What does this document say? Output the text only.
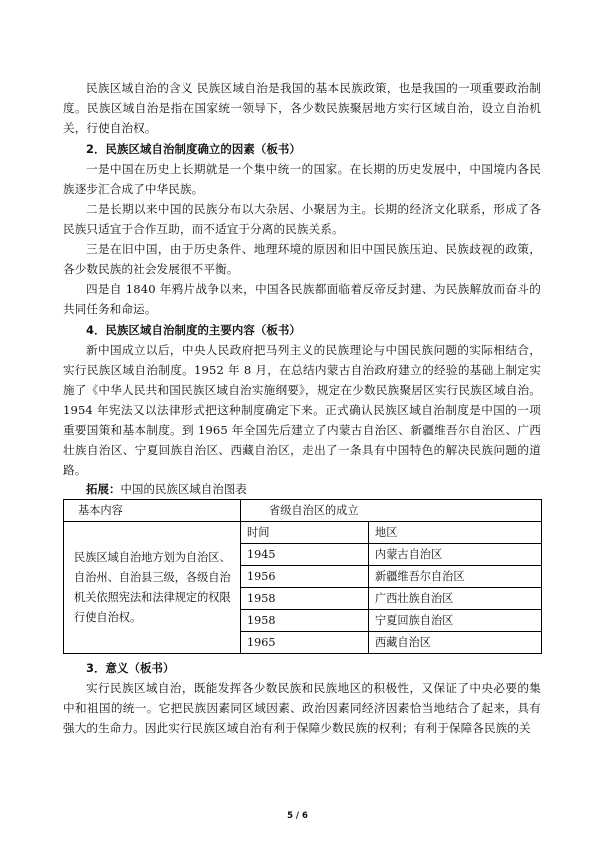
民族区域自治的含义 民族区域自治是我国的基本民族政策，也是我国的一项重要政治制度。民族区域自治是指在国家统一领导下，各少数民族聚居地方实行区域自治，设立自治机关，行使自治权。

2．民族区域自治制度确立的因素（板书）

一是中国在历史上长期就是一个集中统一的国家。在长期的历史发展中，中国境内各民族逐步汇合成了中华民族。

二是长期以来中国的民族分布以大杂居、小聚居为主。长期的经济文化联系，形成了各民族只适宜于合作互助，而不适宜于分离的民族关系。

三是在旧中国，由于历史条件、地理环境的原因和旧中国民族压迫、民族歧视的政策，各少数民族的社会发展很不平衡。

四是自 1840 年鸦片战争以来，中国各民族都面临着反帝反封建、为民族解放而奋斗的共同任务和命运。

4．民族区域自治制度的主要内容（板书）

新中国成立以后，中央人民政府把马列主义的民族理论与中国民族问题的实际相结合，实行民族区域自治制度。1952 年 8 月，在总结内蒙古自治政府建立的经验的基础上制定实施了《中华人民共和国民族区域自治实施纲要》，规定在少数民族聚居区实行民族区域自治。1954 年宪法又以法律形式把这种制度确定下来。正式确认民族区域自治制度是中国的一项重要国策和基本制度。到 1965 年全国先后建立了内蒙古自治区、新疆维吾尔自治区、广西壮族自治区、宁夏回族自治区、西藏自治区，走出了一条具有中国特色的解决民族问题的道路。

拓展：中国的民族区域自治图表

基本内容	省级自治区的成立	
民族区域自治地方划为自治区、自治州、自治县三级，各级自治机关依照宪法和法律规定的权限行使自治权。	时间	地区
	1945	内蒙古自治区
	1956	新疆维吾尔自治区
	1958	广西壮族自治区
	1958	宁夏回族自治区
	1965	西藏自治区

3．意义（板书）

实行民族区域自治，既能发挥各少数民族和民族地区的积极性，又保证了中央必要的集中和祖国的统一。它把民族因素同区域因素、政治因素同经济因素恰当地结合了起来，具有强大的生命力。因此实行民族区域自治有利于保障少数民族的权利；有利于保障各民族的关

5 / 6
